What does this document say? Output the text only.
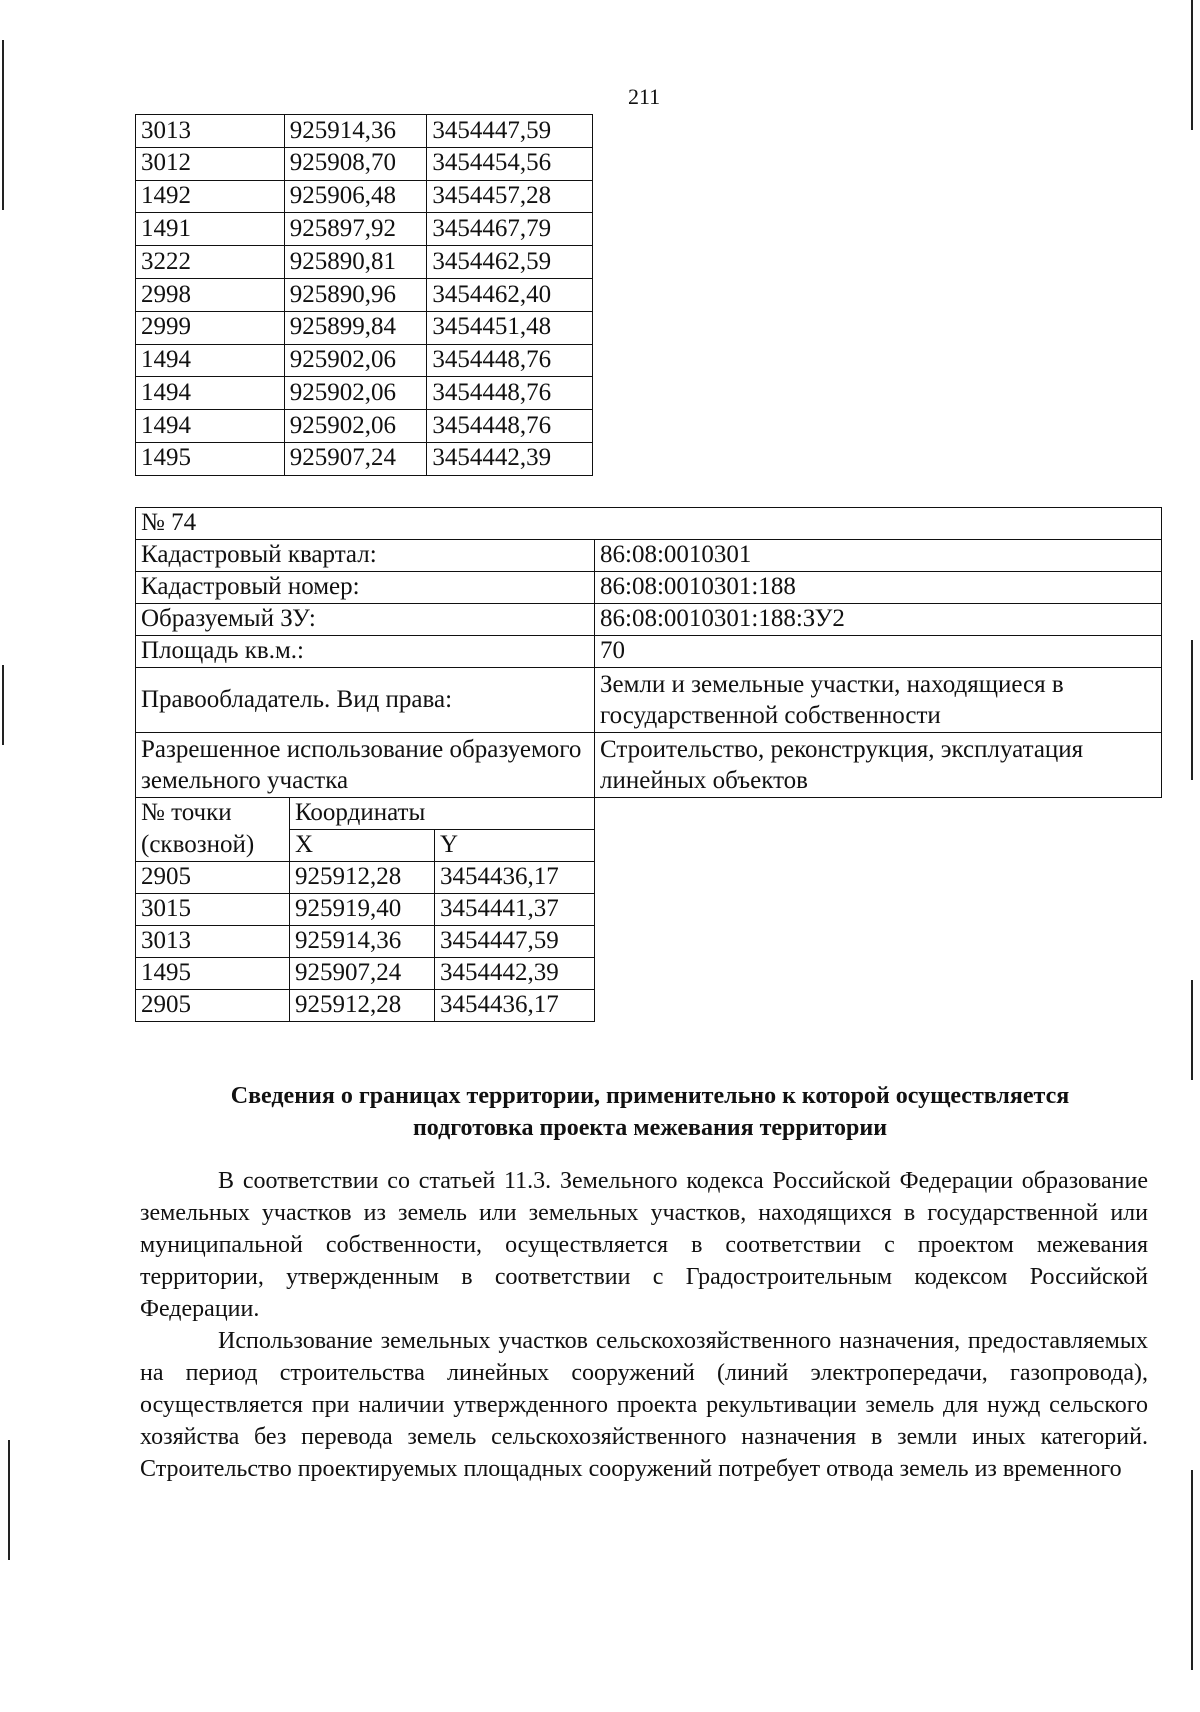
211
3013	925914,36	3454447,59
3012	925908,70	3454454,56
1492	925906,48	3454457,28
1491	925897,92	3454467,79
3222	925890,81	3454462,59
2998	925890,96	3454462,40
2999	925899,84	3454451,48
1494	925902,06	3454448,76
1494	925902,06	3454448,76
1494	925902,06	3454448,76
1495	925907,24	3454442,39
№ 74			
Кадастровый квартал:			86:08:0010301
Кадастровый номер:			86:08:0010301:188
Образуемый ЗУ:			86:08:0010301:188:ЗУ2
Площадь кв.м.:			70
Правообладатель. Вид права:			Земли и земельные участки, находящиеся в государственной собственности
Разрешенное использование образуемого земельного участка			Строительство, реконструкция, эксплуатация линейных объектов
№ точки	Координаты		
(сквозной)	X	Y	
2905	925912,28	3454436,17	
3015	925919,40	3454441,37	
3013	925914,36	3454447,59	
1495	925907,24	3454442,39	
2905	925912,28	3454436,17	
Сведения о границах территории, применительно к которой осуществляется
подготовка проекта межевания территории

В соответствии со статьей 11.3. Земельного кодекса Российской Федерации образование земельных участков из земель или земельных участков, находящихся в государственной или муниципальной собственности, осуществляется в соответствии с проектом межевания территории, утвержденным в соответствии с Градостроительным кодексом Российской Федерации.

Использование земельных участков сельскохозяйственного назначения, предоставляемых на период строительства линейных сооружений (линий электропередачи, газопровода), осуществляется при наличии утвержденного проекта рекультивации земель для нужд сельского хозяйства без перевода земель сельскохозяйственного назначения в земли иных категорий. Строительство проектируемых площадных сооружений потребует отвода земель из временного
